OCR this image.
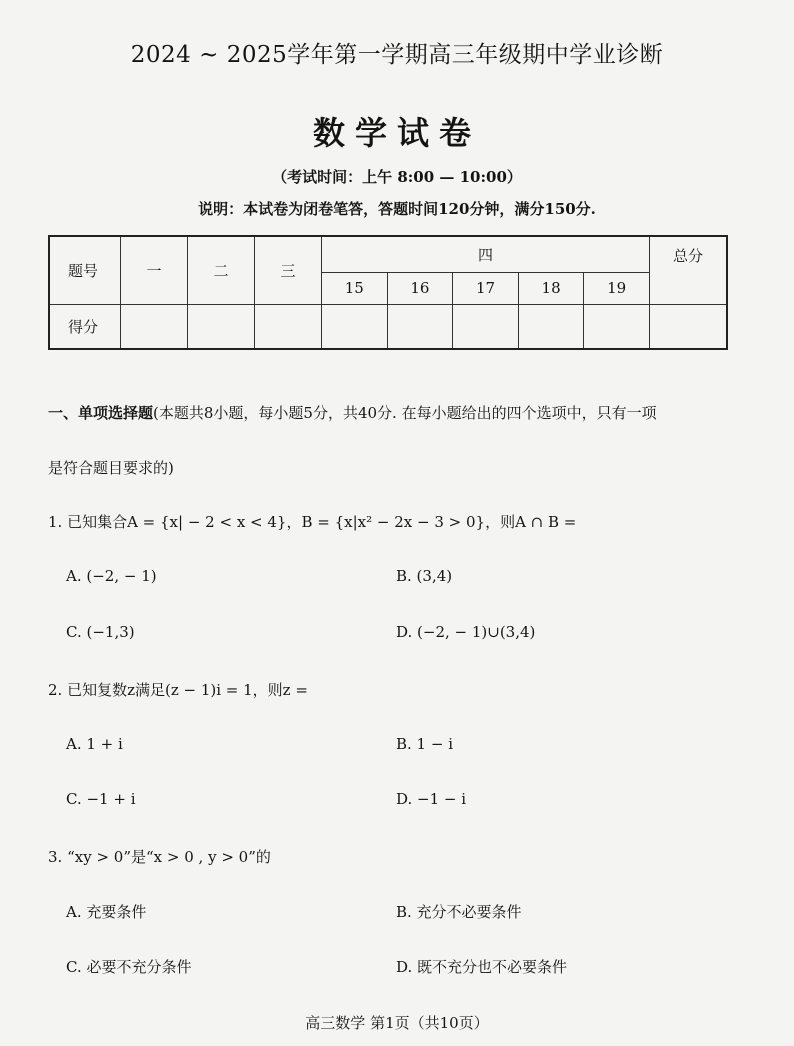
2024 ~ 2025学年第一学期高三年级期中学业诊断
数学试卷
（考试时间：上午 8:00 — 10:00）
说明：本试卷为闭卷笔答，答题时间120分钟，满分150分.
题号	一	二	三	四					总分
				15	16	17	18	19	
得分									
一、单项选择题(本题共8小题，每小题5分，共40分. 在每小题给出的四个选项中，只有一项
是符合题目要求的)
1. 已知集合A = {x| − 2 < x < 4}，B = {x|x² − 2x − 3 > 0}，则A ∩ B =
A. (−2, − 1)	B. (3,4)
C. (−1,3)	D. (−2, − 1)∪(3,4)
2. 已知复数z满足(z − 1)i = 1，则z =
A. 1 + i	B. 1 − i
C. −1 + i	D. −1 − i
3. “xy > 0”是“x > 0 , y > 0”的
A. 充要条件	B. 充分不必要条件
C. 必要不充分条件	D. 既不充分也不必要条件
高三数学 第1页（共10页）
